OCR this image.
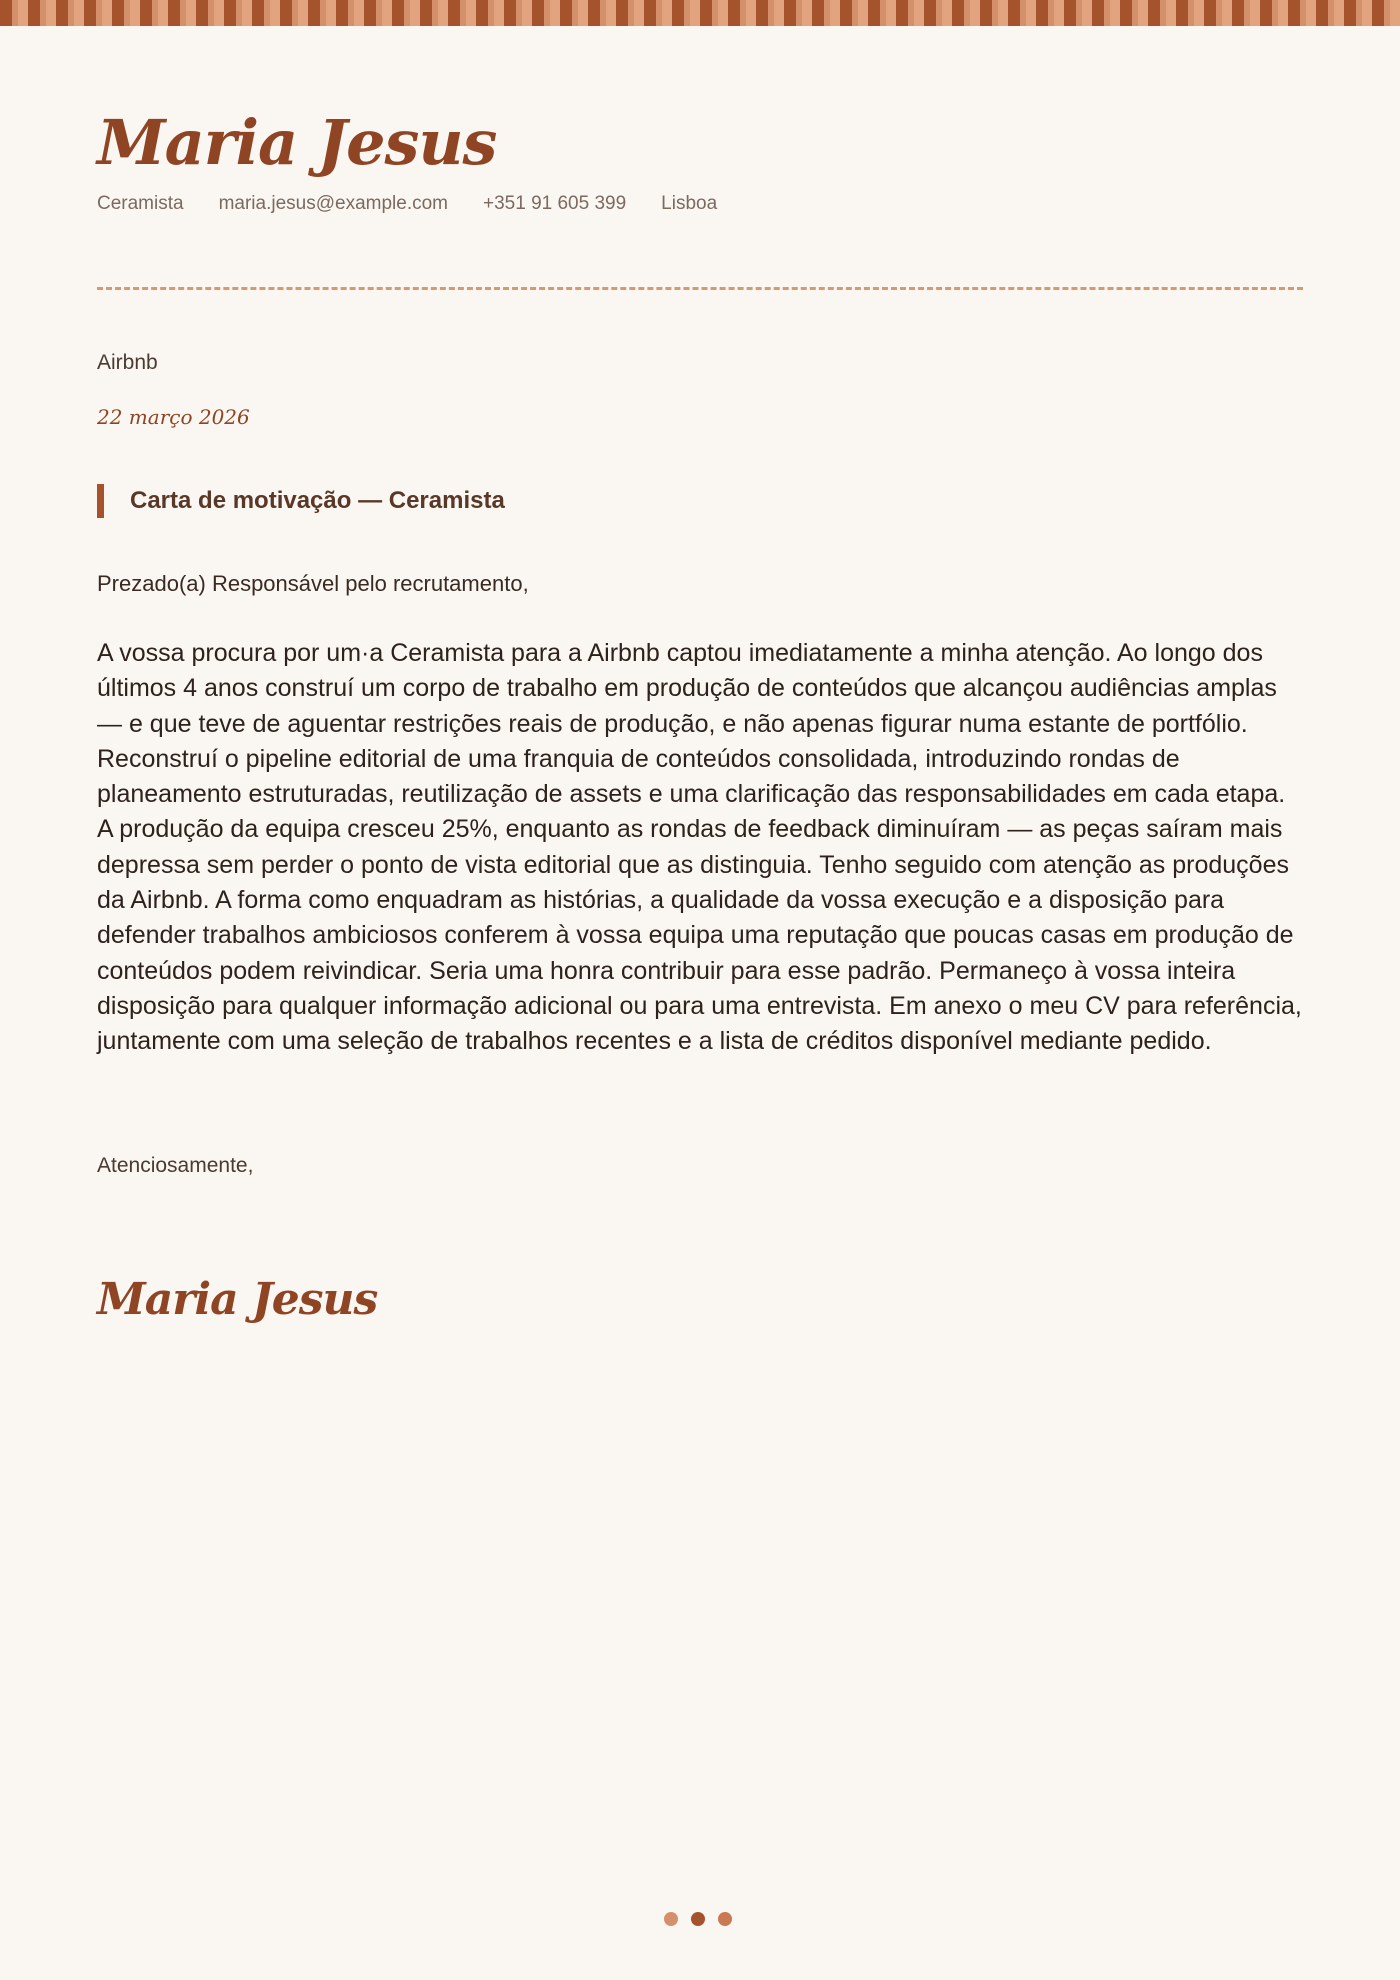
Maria Jesus
Ceramista maria.jesus@example.com +351 91 605 399 Lisboa
Airbnb
22 março 2026
Carta de motivação — Ceramista
Prezado(a) Responsável pelo recrutamento,

A vossa procura por um·a Ceramista para a Airbnb captou imediatamente a minha atenção. Ao longo dos últimos 4 anos construí um corpo de trabalho em produção de conteúdos que alcançou audiências amplas — e que teve de aguentar restrições reais de produção, e não apenas figurar numa estante de portfólio. Reconstruí o pipeline editorial de uma franquia de conteúdos consolidada, introduzindo rondas de planeamento estruturadas, reutilização de assets e uma clarificação das responsabilidades em cada etapa. A produção da equipa cresceu 25%, enquanto as rondas de feedback diminuíram — as peças saíram mais depressa sem perder o ponto de vista editorial que as distinguia. Tenho seguido com atenção as produções da Airbnb. A forma como enquadram as histórias, a qualidade da vossa execução e a disposição para defender trabalhos ambiciosos conferem à vossa equipa uma reputação que poucas casas em produção de conteúdos podem reivindicar. Seria uma honra contribuir para esse padrão. Permaneço à vossa inteira disposição para qualquer informação adicional ou para uma entrevista. Em anexo o meu CV para referência, juntamente com uma seleção de trabalhos recentes e a lista de créditos disponível mediante pedido.

Atenciosamente,
Maria Jesus
